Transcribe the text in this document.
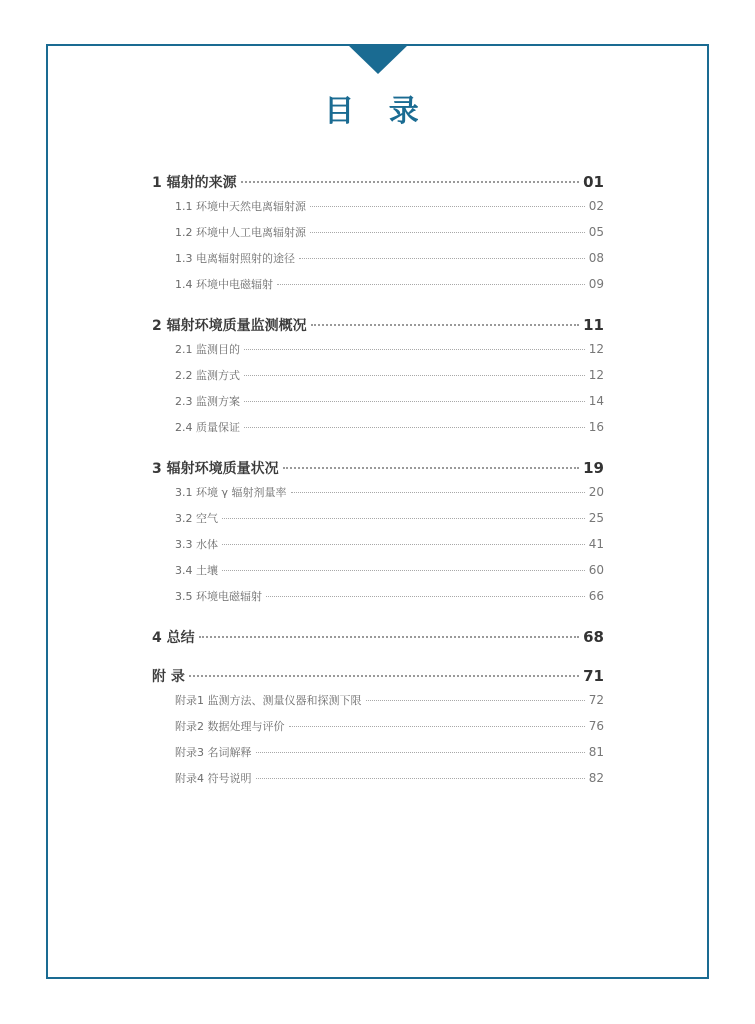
目 录
1 辐射的来源	01
1.1 环境中天然电离辐射源	02
1.2 环境中人工电离辐射源	05
1.3 电离辐射照射的途径	08
1.4 环境中电磁辐射	09
2 辐射环境质量监测概况	11
2.1 监测目的	12
2.2 监测方式	12
2.3 监测方案	14
2.4 质量保证	16
3 辐射环境质量状况	19
3.1 环境 γ 辐射剂量率	20
3.2 空气	25
3.3 水体	41
3.4 土壤	60
3.5 环境电磁辐射	66
4 总结	68
附 录	71
附录1 监测方法、测量仪器和探测下限	72
附录2 数据处理与评价	76
附录3 名词解释	81
附录4 符号说明	82
